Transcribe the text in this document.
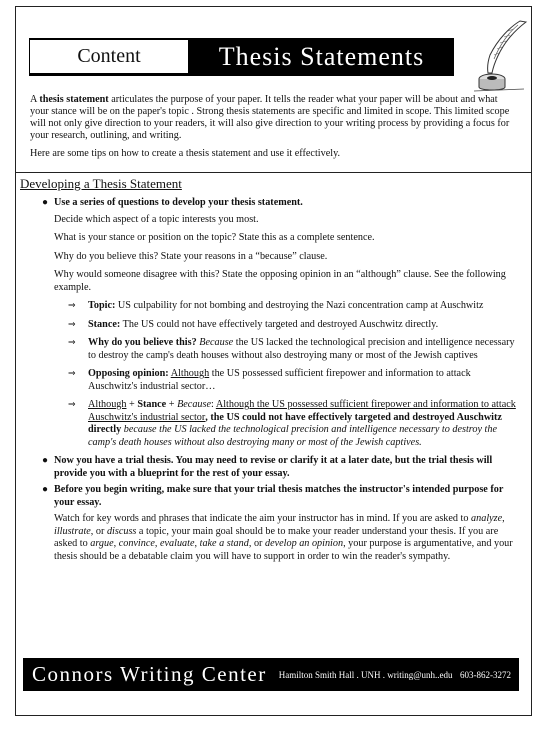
Content	Thesis Statements

A thesis statement articulates the purpose of your paper. It tells the reader what your paper will be about and what your stance will be on the paper's topic . Strong thesis statements are specific and limited in scope. This limited scope will not only give direction to your readers, it will also give direction to your writing process by providing a focus for your research, outlining, and writing.

Here are some tips on how to create a thesis statement and use it effectively.

Developing a Thesis Statement
● Use a series of questions to develop your thesis statement.

Decide which aspect of a topic interests you most.

What is your stance or position on the topic? State this as a complete sentence.

Why do you believe this? State your reasons in a “because” clause.

Why would someone disagree with this? State the opposing opinion in an “although” clause. See the following example.

⇒	Topic: US culpability for not bombing and destroying the Nazi concentration camp at Auschwitz
⇒	Stance: The US could not have effectively targeted and destroyed Auschwitz directly.
⇒	Why do you believe this? Because the US lacked the technological precision and intelligence necessary to destroy the camp's death houses without also destroying many or most of the Jewish captives
⇒	Opposing opinion: Although the US possessed sufficient firepower and information to attack Auschwitz's industrial sector…
⇒	Although + Stance + Because: Although the US possessed sufficient firepower and information to attack Auschwitz's industrial sector, the US could not have effectively targeted and destroyed Auschwitz directly because the US lacked the technological precision and intelligence necessary to destroy the camp's death houses without also destroying many or most of the Jewish captives.
● Now you have a trial thesis. You may need to revise or clarify it at a later date, but the trial thesis will provide you with a blueprint for the rest of your essay.
● Before you begin writing, make sure that your trial thesis matches the instructor's intended purpose for your essay.

Watch for key words and phrases that indicate the aim your instructor has in mind. If you are asked to analyze, illustrate, or discuss a topic, your main goal should be to make your reader understand your thesis. If you are asked to argue, convince, evaluate, take a stand, or develop an opinion, your purpose is argumentative, and your thesis should be a debatable claim you will have to support in order to win the reader's sympathy.

Connors Writing Center Hamilton Smith Hall . UNH . writing@unh..edu 603-862-3272
